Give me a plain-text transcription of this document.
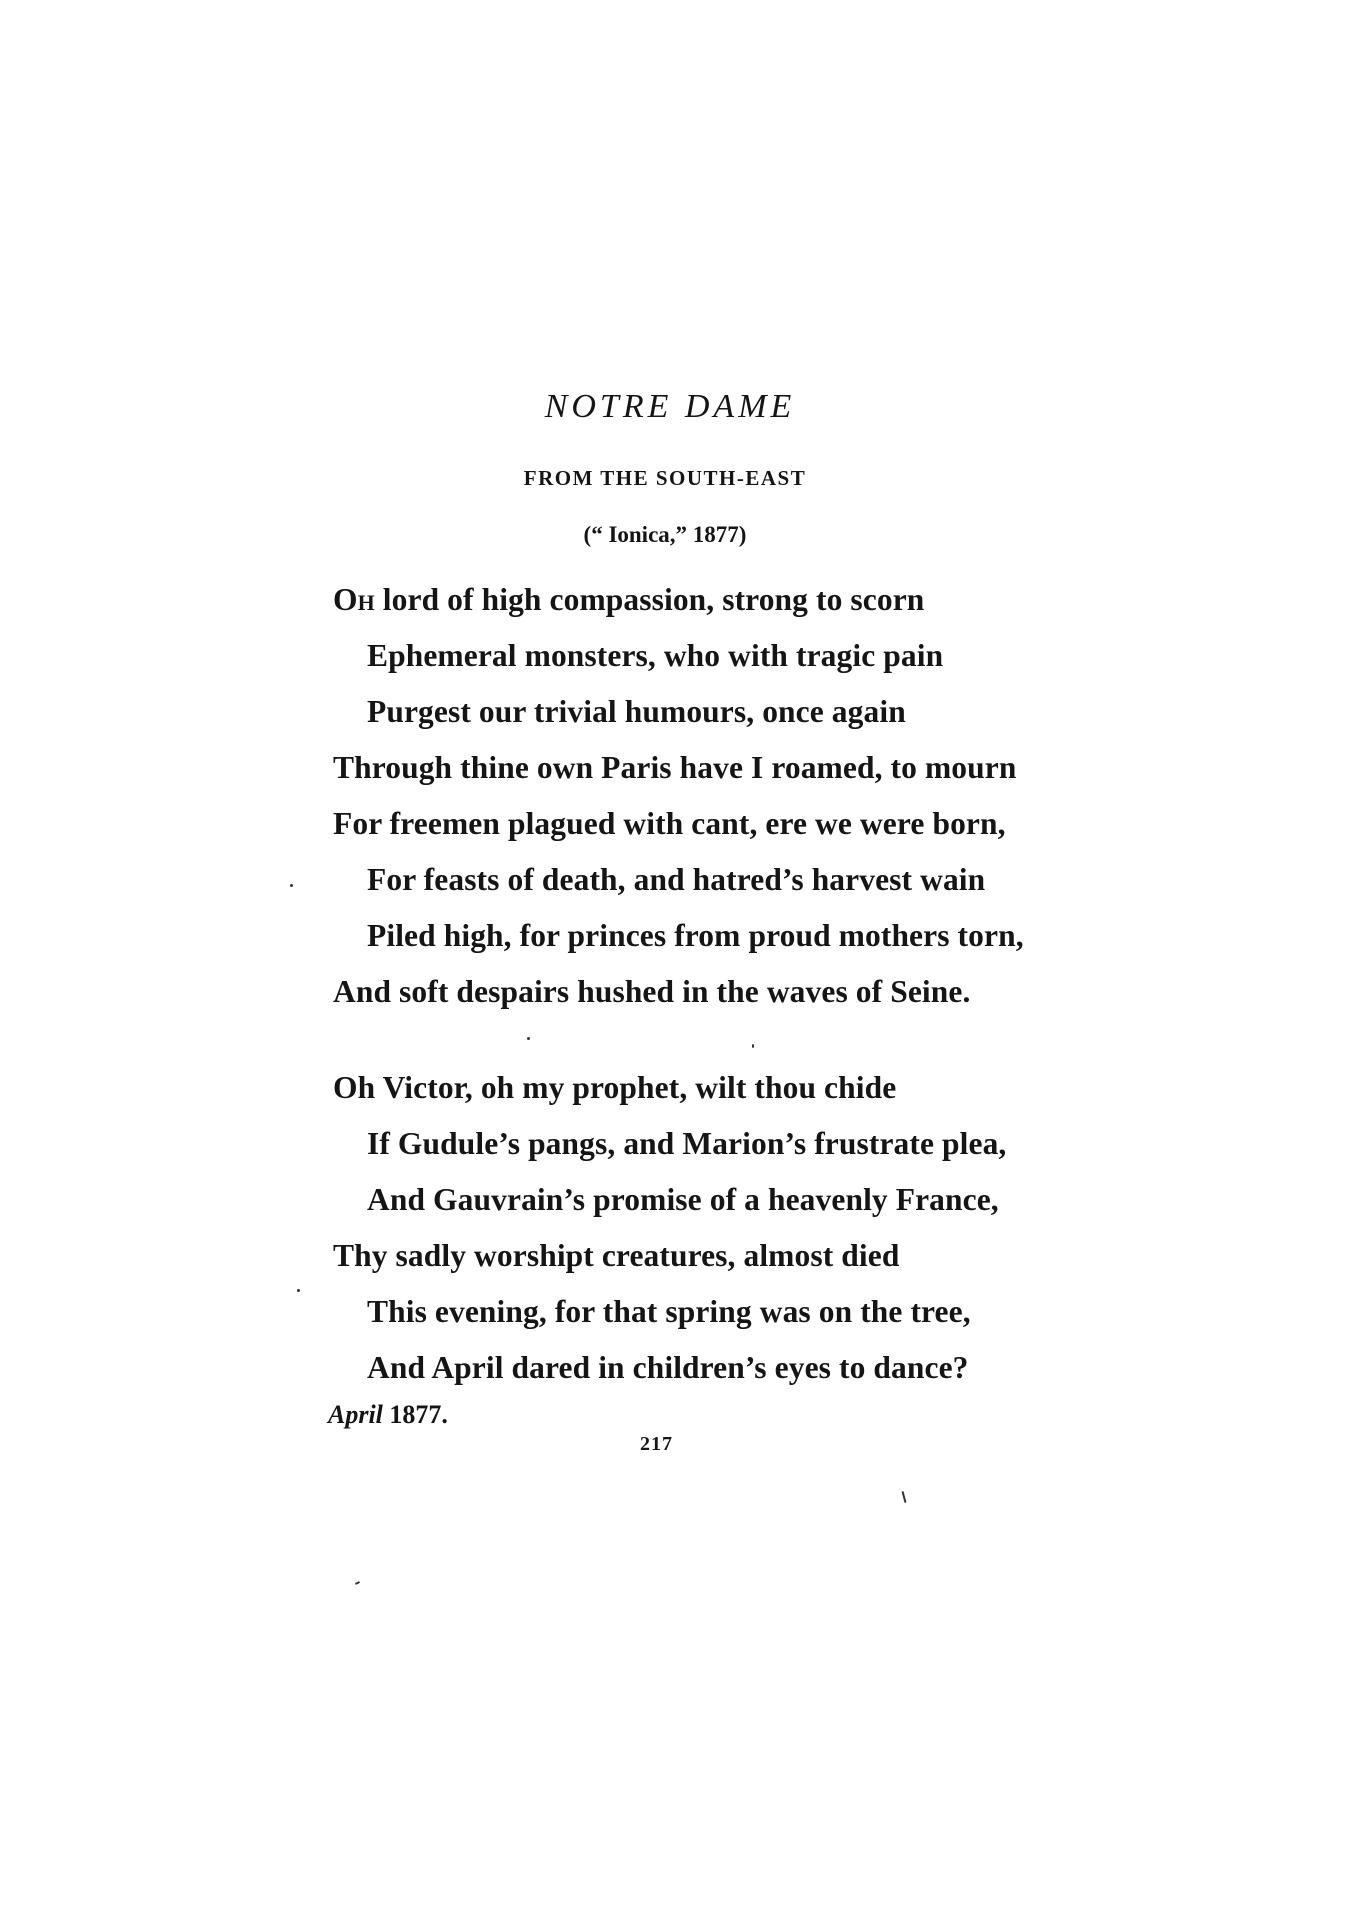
NOTRE DAME
FROM THE SOUTH-EAST
(“ Ionica,” 1877)
Oh lord of high compassion, strong to scorn
Ephemeral monsters, who with tragic pain
Purgest our trivial humours, once again
Through thine own Paris have I roamed, to mourn
For freemen plagued with cant, ere we were born,
For feasts of death, and hatred’s harvest wain
Piled high, for princes from proud mothers torn,
And soft despairs hushed in the waves of Seine.
Oh Victor, oh my prophet, wilt thou chide
If Gudule’s pangs, and Marion’s frustrate plea,
And Gauvrain’s promise of a heavenly France,
Thy sadly worshipt creatures, almost died
This evening, for that spring was on the tree,
And April dared in children’s eyes to dance?
April 1877.
217
